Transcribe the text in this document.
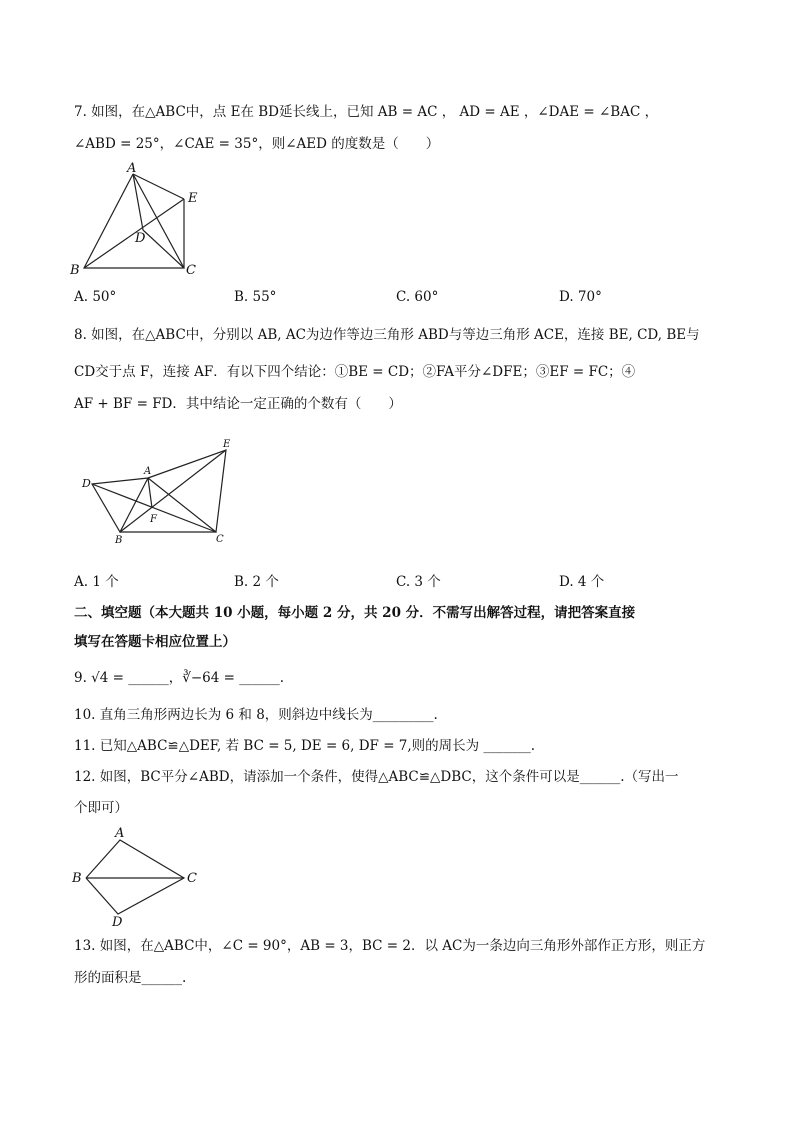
7. 如图，在△ABC中，点 E在 BD延长线上，已知 AB = AC ， AD = AE ，∠DAE = ∠BAC ，
∠ABD = 25°，∠CAE = 35°，则∠AED 的度数是（　　）
A
E
D
B	C
A. 50°	B. 55°	C. 60°	D. 70°
8. 如图，在△ABC中，分别以 AB, AC为边作等边三角形 ABD与等边三角形 ACE，连接 BE, CD, BE与
CD交于点 F，连接 AF．有以下四个结论：①BE = CD；②FA平分∠DFE；③EF = FC；④
AF + BF = FD．其中结论一定正确的个数有（　　）
A
E
D
F
B	C
A. 1 个	B. 2 个	C. 3 个	D. 4 个
二、填空题（本大题共 10 小题，每小题 2 分，共 20 分．不需写出解答过程，请把答案直接
填写在答题卡相应位置上）
9. √4 = ______，∛−64 = ______.
10. 直角三角形两边长为 6 和 8，则斜边中线长为_________.
11. 已知△ABC≌△DEF, 若 BC = 5, DE = 6, DF = 7,则的周长为 _______.
12. 如图，BC平分∠ABD，请添加一个条件，使得△ABC≌△DBC，这个条件可以是______.（写出一
个即可）
A
B	C
D
13. 如图，在△ABC中，∠C = 90°，AB = 3，BC = 2．以 AC为一条边向三角形外部作正方形，则正方
形的面积是______.
